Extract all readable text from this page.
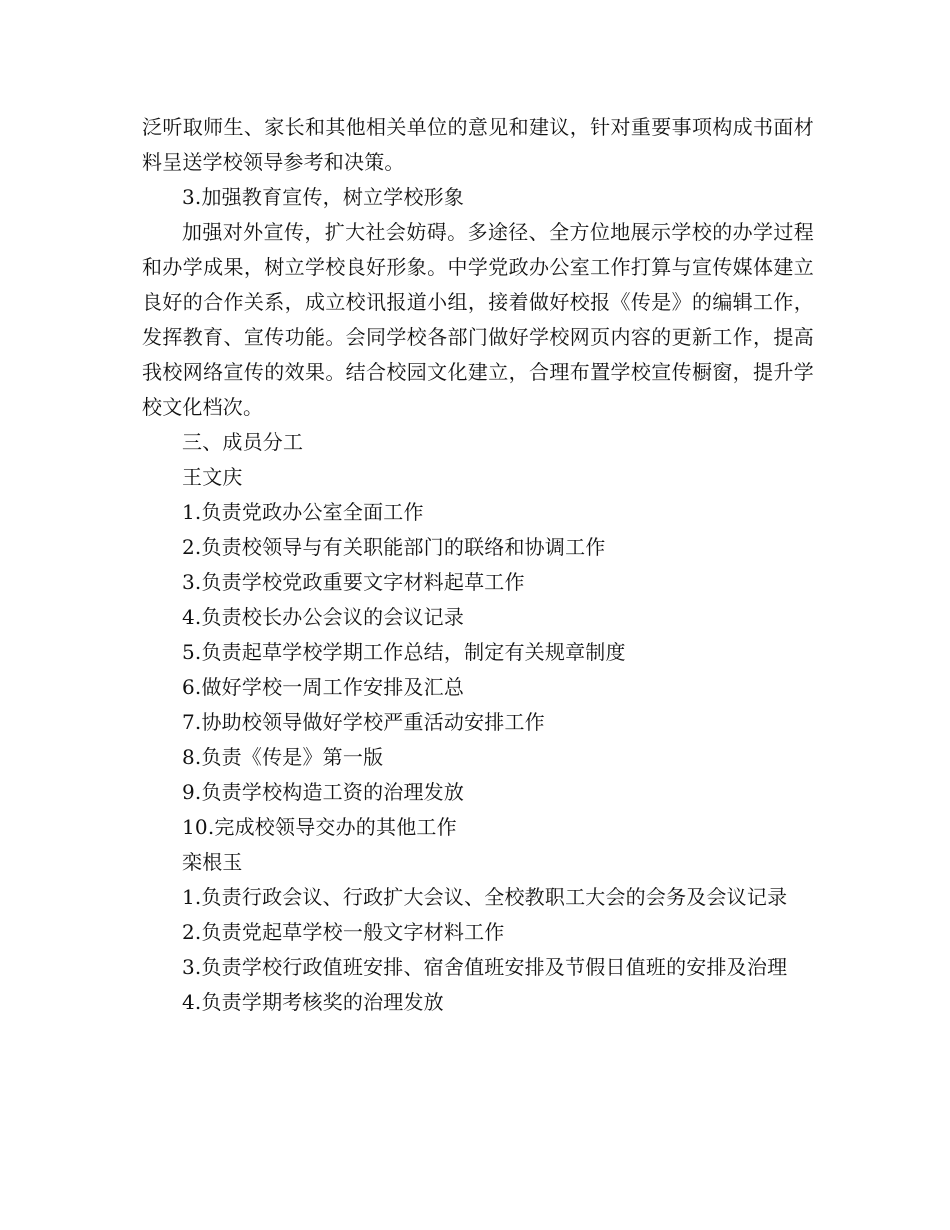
泛听取师生、家长和其他相关单位的意见和建议，针对重要事项构成书面材料呈送学校领导参考和决策。

3.加强教育宣传，树立学校形象

加强对外宣传，扩大社会妨碍。多途径、全方位地展示学校的办学过程和办学成果，树立学校良好形象。中学党政办公室工作打算与宣传媒体建立良好的合作关系，成立校讯报道小组，接着做好校报《传是》的编辑工作，发挥教育、宣传功能。会同学校各部门做好学校网页内容的更新工作，提高我校网络宣传的效果。结合校园文化建立，合理布置学校宣传橱窗，提升学校文化档次。

三、成员分工

王文庆

1.负责党政办公室全面工作

2.负责校领导与有关职能部门的联络和协调工作

3.负责学校党政重要文字材料起草工作

4.负责校长办公会议的会议记录

5.负责起草学校学期工作总结，制定有关规章制度

6.做好学校一周工作安排及汇总

7.协助校领导做好学校严重活动安排工作

8.负责《传是》第一版

9.负责学校构造工资的治理发放

10.完成校领导交办的其他工作

栾根玉

1.负责行政会议、行政扩大会议、全校教职工大会的会务及会议记录

2.负责党起草学校一般文字材料工作

3.负责学校行政值班安排、宿舍值班安排及节假日值班的安排及治理

4.负责学期考核奖的治理发放
